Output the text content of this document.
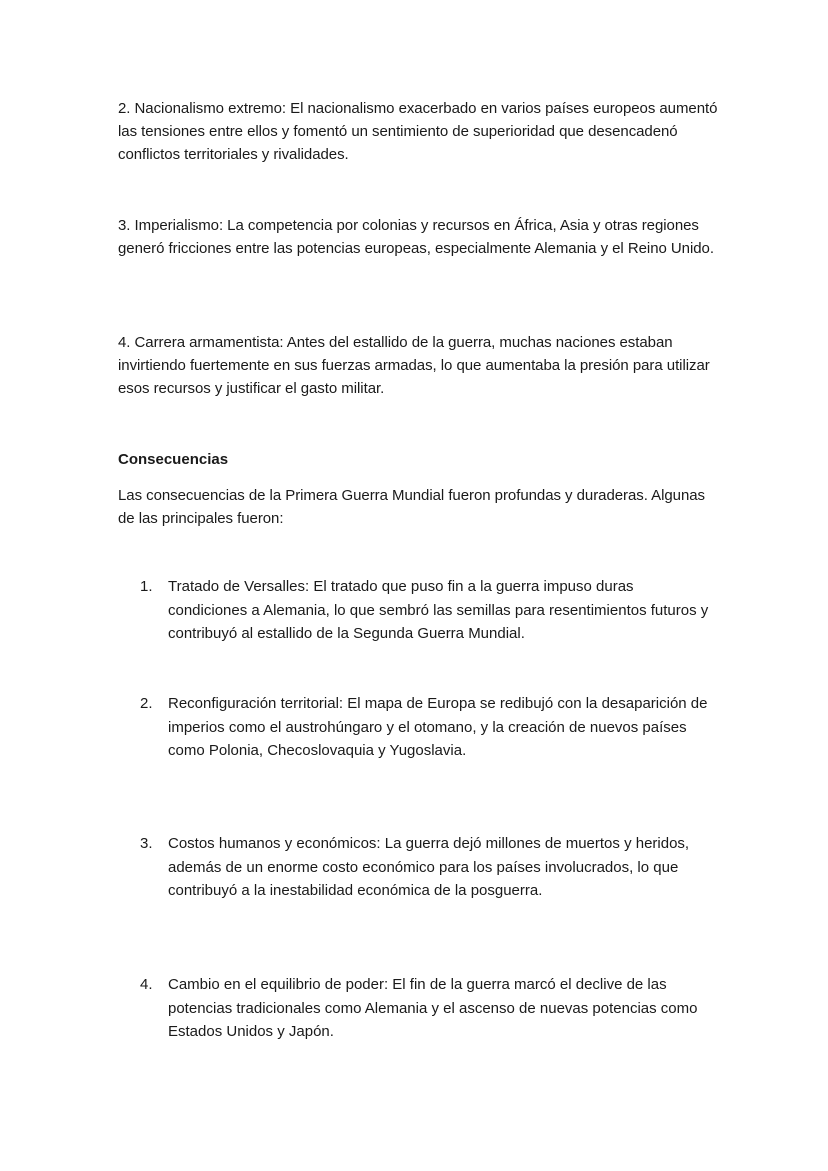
2. Nacionalismo extremo: El nacionalismo exacerbado en varios países europeos aumentó las tensiones entre ellos y fomentó un sentimiento de superioridad que desencadenó conflictos territoriales y rivalidades.

3. Imperialismo: La competencia por colonias y recursos en África, Asia y otras regiones generó fricciones entre las potencias europeas, especialmente Alemania y el Reino Unido.

4. Carrera armamentista: Antes del estallido de la guerra, muchas naciones estaban invirtiendo fuertemente en sus fuerzas armadas, lo que aumentaba la presión para utilizar esos recursos y justificar el gasto militar.

Consecuencias

Las consecuencias de la Primera Guerra Mundial fueron profundas y duraderas. Algunas de las principales fueron:

1.	Tratado de Versalles: El tratado que puso fin a la guerra impuso duras condiciones a Alemania, lo que sembró las semillas para resentimientos futuros y contribuyó al estallido de la Segunda Guerra Mundial.
2.	Reconfiguración territorial: El mapa de Europa se redibujó con la desaparición de imperios como el austrohúngaro y el otomano, y la creación de nuevos países como Polonia, Checoslovaquia y Yugoslavia.
3.	Costos humanos y económicos: La guerra dejó millones de muertos y heridos, además de un enorme costo económico para los países involucrados, lo que contribuyó a la inestabilidad económica de la posguerra.
4.	Cambio en el equilibrio de poder: El fin de la guerra marcó el declive de las potencias tradicionales como Alemania y el ascenso de nuevas potencias como Estados Unidos y Japón.
